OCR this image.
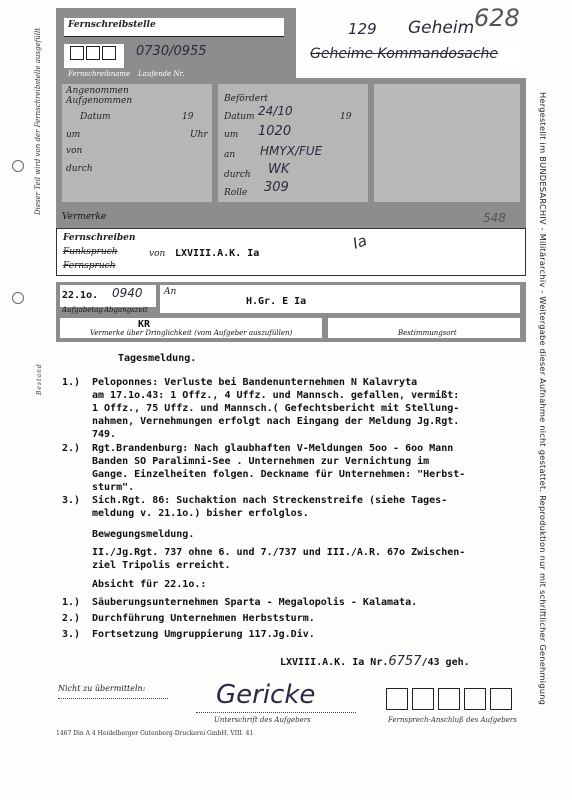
Dieser Teil wird von der Fernschreibstelle ausgefüllt
Bestand	Hergestellt im BUNDESARCHIV - Militärarchiv - Weitergabe dieser Aufnahme nicht gestattet. Reproduktion nur mit schriftlicher Genehmigung
Fernschreibstelle
0730/0955
Fernschreibname Laufende Nr.
129 Geheim 628
Geheime Kommandosache
Angenommen
Aufgenommen
Datum	19
um	Uhr
von
durch
Befördert
Datum 24/10	19
um 1020
an HMYX/FUE
durch WK
Rolle 309
Vermerke
Fernschreiben
Funkspruch
Fernspruch
von LXVIII.A.K. Ia
Ia
548
22.1o. 0940
Aufgabetag Abgangszeit
An
H.Gr. E Ia
KR
Vermerke über Dringlichkeit (vom Aufgeber auszufüllen)	Bestimmungsort
Tagesmeldung.
1.) Peloponnes: Verluste bei Bandenunternehmen N Kalavryta
am 17.1o.43: 1 Offz., 4 Uffz. und Mannsch. gefallen, vermißt:
1 Offz., 75 Uffz. und Mannsch.( Gefechtsbericht mit Stellung-
nahmen, Vernehmungen erfolgt nach Eingang der Meldung Jg.Rgt.
749.
2.) Rgt.Brandenburg: Nach glaubhaften V-Meldungen 5oo - 6oo Mann
Banden SO Paralimni-See . Unternehmen zur Vernichtung im
Gange. Einzelheiten folgen. Deckname für Unternehmen: "Herbst-
sturm".
3.) Sich.Rgt. 86: Suchaktion nach Streckenstreife (siehe Tages-
meldung v. 21.1o.) bisher erfolglos.
Bewegungsmeldung.
II./Jg.Rgt. 737 ohne 6. und 7./737 und III./A.R. 67o Zwischen-
ziel Tripolis erreicht.
Absicht für 22.1o.:
1.) Säuberungsunternehmen Sparta - Megalopolis - Kalamata.
2.) Durchführung Unternehmen Herbststurm.
3.) Fortsetzung Umgruppierung 117.Jg.Div.
LXVIII.A.K. Ia Nr.6757/43 geh.
Nicht zu übermitteln:	Gericke
Unterschrift des Aufgebers	Fernsprech-Anschluß des Aufgebers
1467 Din A 4 Heidelberger Gutenberg-Druckerei GmbH. VIII. 41
